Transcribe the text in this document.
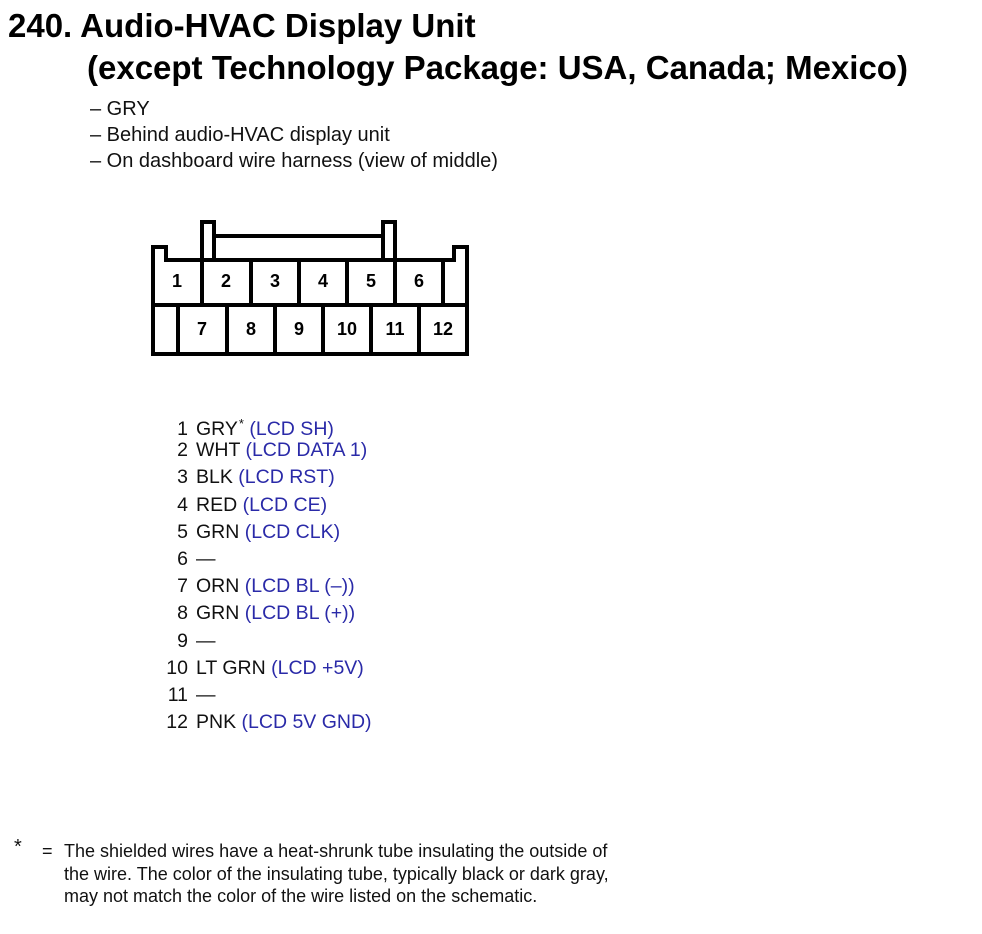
240. Audio-HVAC Display Unit
(except Technology Package: USA, Canada; Mexico)
– GRY
– Behind audio-HVAC display unit
– On dashboard wire harness (view of middle)
1 2 3 4 5 6
7 8 9 10 11 12
1 GRY* (LCD SH)
2 WHT (LCD DATA 1)
3 BLK (LCD RST)
4 RED (LCD CE)
5 GRN (LCD CLK)
6 —
7 ORN (LCD BL (–))
8 GRN (LCD BL (+))
9 —
10 LT GRN (LCD +5V)
11 —
12 PNK (LCD 5V GND)
* = The shielded wires have a heat-shrunk tube insulating the outside of the wire. The color of the insulating tube, typically black or dark gray, may not match the color of the wire listed on the schematic.
